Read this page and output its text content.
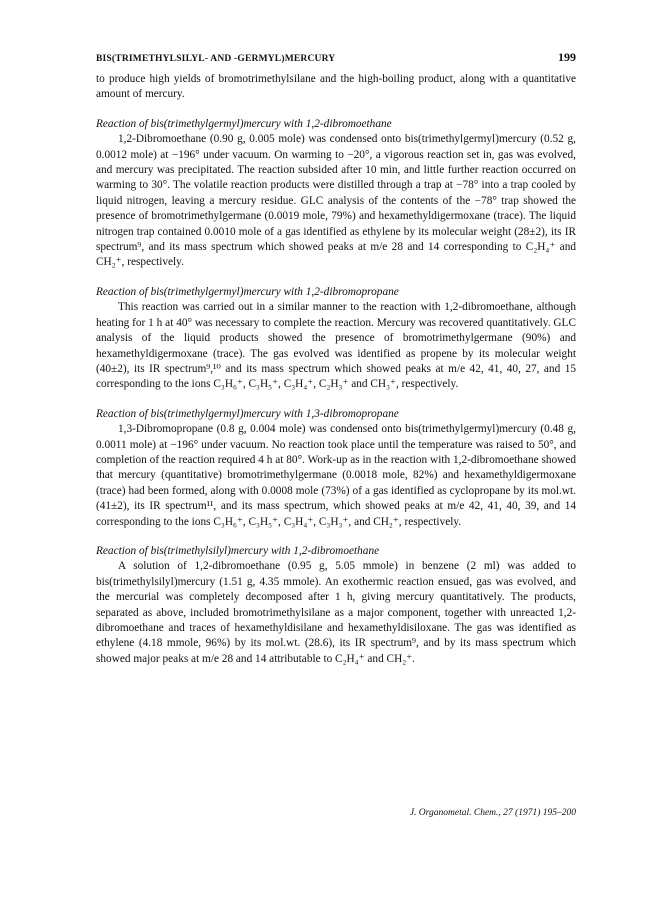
BIS(TRIMETHYLSILYL- AND -GERMYL)MERCURY	199

to produce high yields of bromotrimethylsilane and the high-boiling product, along with a quantitative amount of mercury.

Reaction of bis(trimethylgermyl)mercury with 1,2-dibromoethane

1,2-Dibromoethane (0.90 g, 0.005 mole) was condensed onto bis(trimethylgermyl)mercury (0.52 g, 0.0012 mole) at −196° under vacuum. On warming to −20°, a vigorous reaction set in, gas was evolved, and mercury was precipitated. The reaction subsided after 10 min, and little further reaction occurred on warming to 30°. The volatile reaction products were distilled through a trap at −78° into a trap cooled by liquid nitrogen, leaving a mercury residue. GLC analysis of the contents of the −78° trap showed the presence of bromotrimethylgermane (0.0019 mole, 79%) and hexamethyldigermoxane (trace). The liquid nitrogen trap contained 0.0010 mole of a gas identified as ethylene by its molecular weight (28±2), its IR spectrum⁹, and its mass spectrum which showed peaks at m/e 28 and 14 corresponding to C₂H₄⁺ and CH₂⁺, respectively.

Reaction of bis(trimethylgermyl)mercury with 1,2-dibromopropane

This reaction was carried out in a similar manner to the reaction with 1,2-dibromoethane, although heating for 1 h at 40° was necessary to complete the reaction. Mercury was recovered quantitatively. GLC analysis of the liquid products showed the presence of bromotrimethylgermane (90%) and hexamethyldigermoxane (trace). The gas evolved was identified as propene by its molecular weight (40±2), its IR spectrum⁹,¹⁰ and its mass spectrum which showed peaks at m/e 42, 41, 40, 27, and 15 corresponding to the ions C₃H₆⁺, C₃H₅⁺, C₃H₄⁺, C₂H₃⁺ and CH₃⁺, respectively.

Reaction of bis(trimethylgermyl)mercury with 1,3-dibromopropane

1,3-Dibromopropane (0.8 g, 0.004 mole) was condensed onto bis(trimethylgermyl)mercury (0.48 g, 0.0011 mole) at −196° under vacuum. No reaction took place until the temperature was raised to 50°, and completion of the reaction required 4 h at 80°. Work-up as in the reaction with 1,2-dibromoethane showed that mercury (quantitative) bromotrimethylgermane (0.0018 mole, 82%) and hexamethyldigermoxane (trace) had been formed, along with 0.0008 mole (73%) of a gas identified as cyclopropane by its mol.wt. (41±2), its IR spectrum¹¹, and its mass spectrum, which showed peaks at m/e 42, 41, 40, 39, and 14 corresponding to the ions C₃H₆⁺, C₃H₅⁺, C₃H₄⁺, C₃H₃⁺, and CH₂⁺, respectively.

Reaction of bis(trimethylsilyl)mercury with 1,2-dibromoethane

A solution of 1,2-dibromoethane (0.95 g, 5.05 mmole) in benzene (2 ml) was added to bis(trimethylsilyl)mercury (1.51 g, 4.35 mmole). An exothermic reaction ensued, gas was evolved, and the mercurial was completely decomposed after 1 h, giving mercury quantitatively. The products, separated as above, included bromotrimethylsilane as a major component, together with unreacted 1,2-dibromoethane and traces of hexamethyldisilane and hexamethyldisiloxane. The gas was identified as ethylene (4.18 mmole, 96%) by its mol.wt. (28.6), its IR spectrum⁹, and by its mass spectrum which showed major peaks at m/e 28 and 14 attributable to C₂H₄⁺ and CH₂⁺.

J. Organometal. Chem., 27 (1971) 195–200
